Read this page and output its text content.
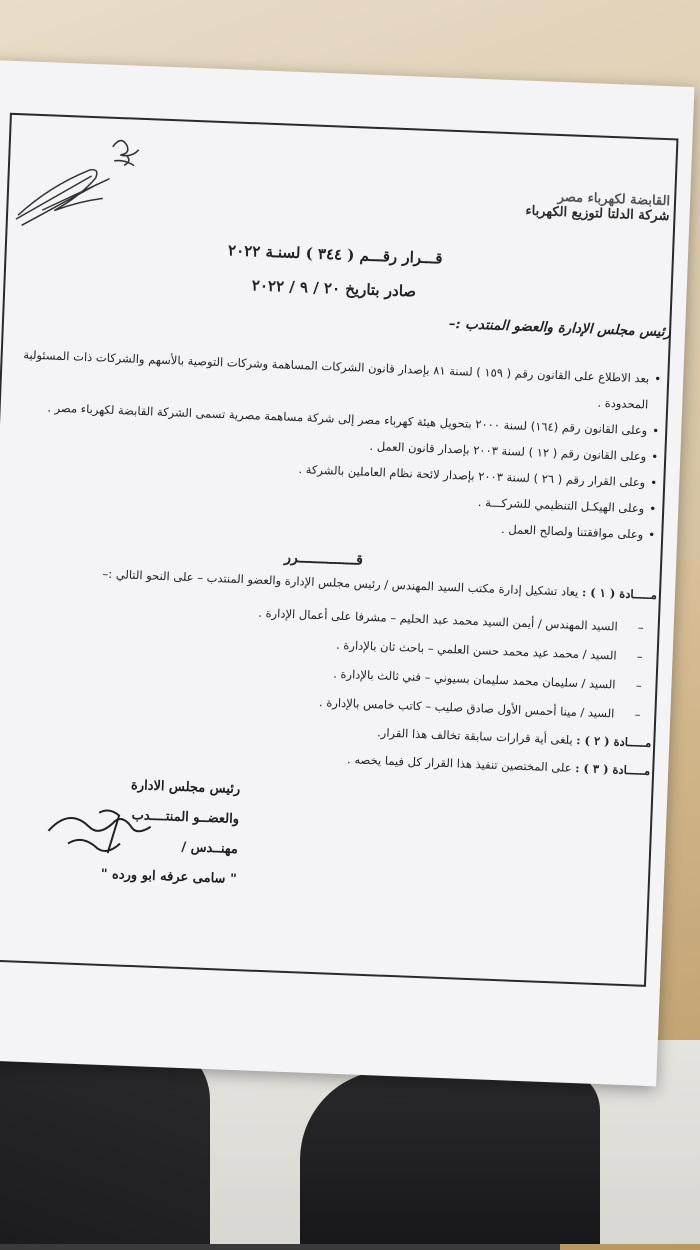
القابضة لكهرباء مصر
شركة الدلتا لتوزيع الكهرباء
قـــرار رقـــم ( ٣٤٤ ) لسنـة ٢٠٢٢
صادر بتاريخ ٢٠ / ٩ / ٢٠٢٢
رئيس مجلس الإدارة والعضو المنتدب :–
• بعد الاطلاع على القانون رقم ( ١٥٩ ) لسنة ٨١ بإصدار قانون الشركات المساهمة وشركات التوصية بالأسهم والشركات ذات المسئولية المحدودة .
• وعلى القانون رقم (١٦٤) لسنة ٢٠٠٠ بتحويل هيئة كهرباء مصر إلى شركة مساهمة مصرية تسمى الشركة القابضة لكهرباء مصر .
• وعلى القانون رقم ( ١٢ ) لسنة ٢٠٠٣ بإصدار قانون العمل .
• وعلى القرار رقم ( ٢٦ ) لسنة ٢٠٠٣ بإصدار لائحة نظام العاملين بالشركة .
• وعلى الهيكـل التنظيمي للشركـــة .
• وعلى موافقتنا ولصالح العمل .
قــــــــــــــرر
مـــــادة ( ١ ) : يعاد تشكيل إدارة مكتب السيد المهندس / رئيس مجلس الإدارة والعضو المنتدب – على النحو التالي :–
– السيد المهندس / أيمن السيد محمد عبد الحليم – مشرفا على أعمال الإدارة .
– السيد / محمد عيد محمد حسن العلمي – باحث ثان بالإدارة .
– السيد / سليمان محمد سليمان بسيوني – فني ثالث بالإدارة .
– السيد / مينا أحمس الأول صادق صليب – كاتب خامس بالإدارة .
مـــــادة ( ٢ ) : يلغى أية قرارات سابقة تخالف هذا القرار.
مـــــادة ( ٣ ) : على المختصين تنفيذ هذا القرار كل فيما يخصه .
رئيس مجلس الادارة
والعضــو المنتــــدب
مهنــدس /
" سامى عرفه ابو ورده "
